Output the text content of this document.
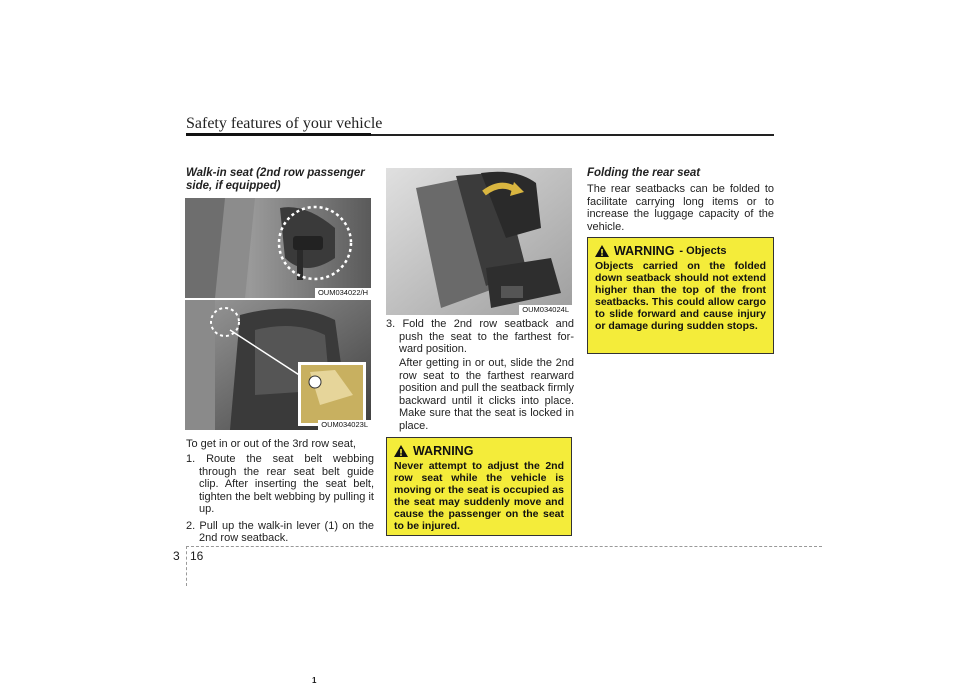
Safety features of your vehicle
Walk-in seat (2nd row passenger side, if equipped)
OUM034022/H
1
OUM034023L
To get in or out of the 3rd row seat,

1. Route the seat belt webbing through the rear seat belt guide clip. After inserting the seat belt, tighten the belt webbing by pulling it up.

2. Pull up the walk-in lever (1) on the 2nd row seatback.

OUM034024L

3. Fold the 2nd row seatback and push the seat to the farthest for-ward position.

After getting in or out, slide the 2nd row seat to the farthest rearward position and pull the seatback firmly backward until it clicks into place. Make sure that the seat is locked in place.
WARNING
Never attempt to adjust the 2nd row seat while the vehicle is moving or the seat is occupied as the seat may suddenly move and cause the passenger on the seat to be injured.
Folding the rear seat
The rear seatbacks can be folded to facilitate carrying long items or to increase the luggage capacity of the vehicle.
WARNING - Objects
Objects carried on the folded down seatback should not extend higher than the top of the front seatbacks. This could allow cargo to slide forward and cause injury or damage during sudden stops.
3 16
